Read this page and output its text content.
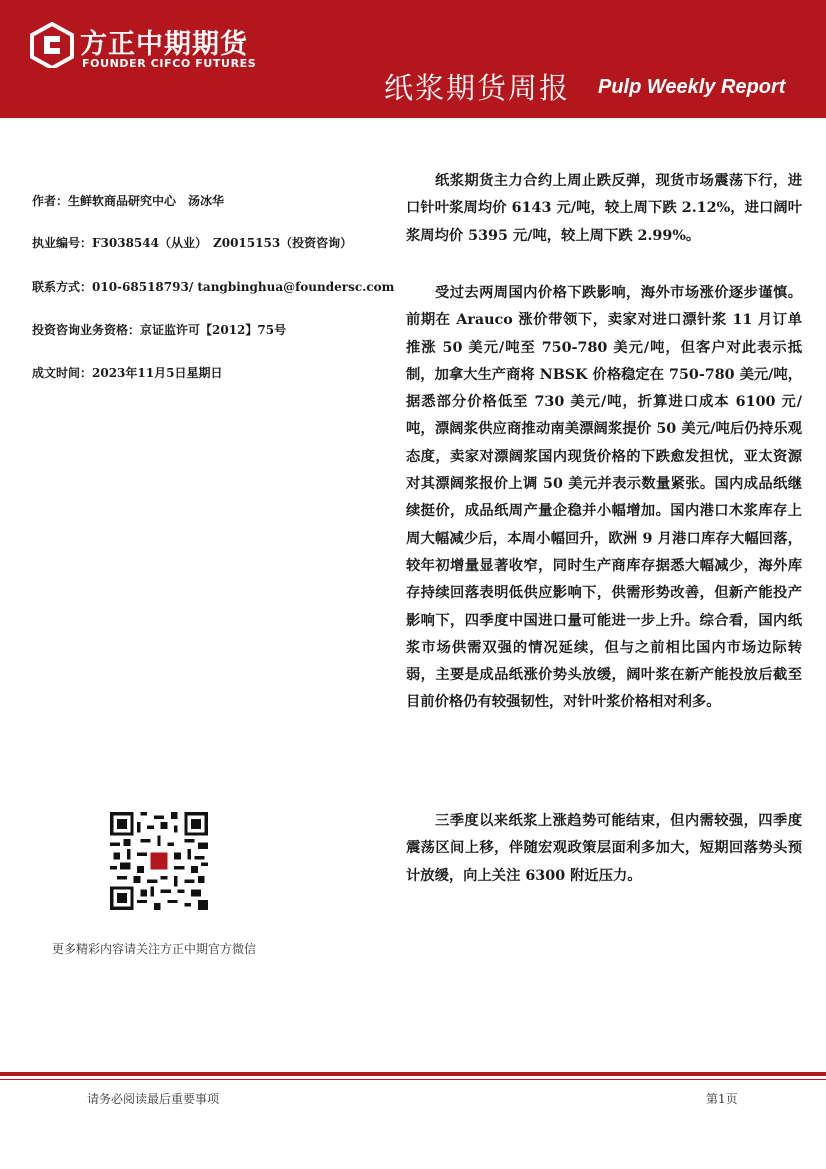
方正中期期货
FOUNDER CIFCO FUTURES
纸浆期货周报 Pulp Weekly Report
作者：生鲜软商品研究中心　汤冰华
执业编号：F3038544（从业）　Z0015153（投资咨询）
联系方式：010-68518793/ tangbinghua@foundersc.com
投资咨询业务资格：京证监许可【2012】75号
成文时间：2023年11月5日星期日

纸浆期货主力合约上周止跌反弹，现货市场震荡下行，进口针叶浆周均价 6143 元/吨，较上周下跌 2.12%，进口阔叶浆周均价 5395 元/吨，较上周下跌 2.99%。

受过去两周国内价格下跌影响，海外市场涨价逐步谨慎。前期在 Arauco 涨价带领下，卖家对进口漂针浆 11 月订单推涨 50 美元/吨至 750-780 美元/吨，但客户对此表示抵制，加拿大生产商将 NBSK 价格稳定在 750-780 美元/吨，据悉部分价格低至 730 美元/吨，折算进口成本 6100 元/吨，漂阔浆供应商推动南美漂阔浆提价 50 美元/吨后仍持乐观态度，卖家对漂阔浆国内现货价格的下跌愈发担忧，亚太资源对其漂阔浆报价上调 50 美元并表示数量紧张。国内成品纸继续挺价，成品纸周产量企稳并小幅增加。国内港口木浆库存上周大幅减少后，本周小幅回升，欧洲 9 月港口库存大幅回落，较年初增量显著收窄，同时生产商库存据悉大幅减少，海外库存持续回落表明低供应影响下，供需形势改善，但新产能投产影响下，四季度中国进口量可能进一步上升。综合看，国内纸浆市场供需双强的情况延续，但与之前相比国内市场边际转弱，主要是成品纸涨价势头放缓，阔叶浆在新产能投放后截至目前价格仍有较强韧性，对针叶浆价格相对利多。

三季度以来纸浆上涨趋势可能结束，但内需较强，四季度震荡区间上移，伴随宏观政策层面利多加大，短期回落势头预计放缓，向上关注 6300 附近压力。

更多精彩内容请关注方正中期官方微信
请务必阅读最后重要事项	第1页
